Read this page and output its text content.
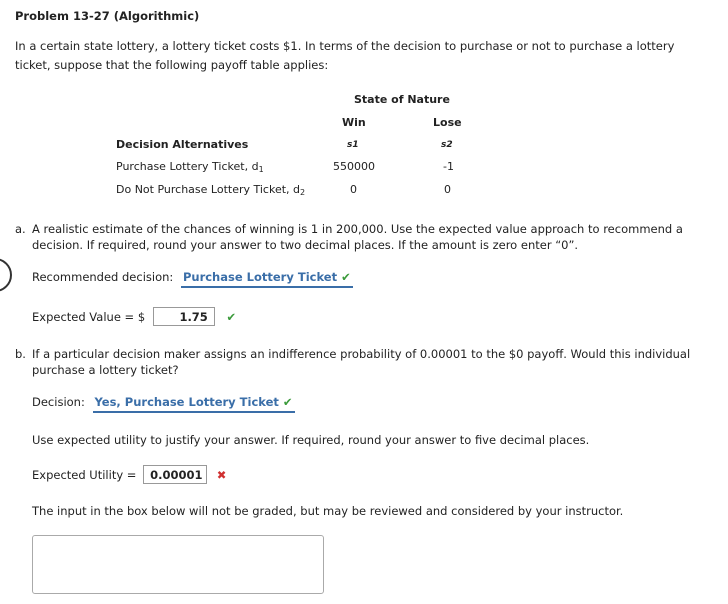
Problem 13-27 (Algorithmic)
In a certain state lottery, a lottery ticket costs $1. In terms of the decision to purchase or not to purchase a lottery ticket, suppose that the following payoff table applies:
State of Nature
Win	Lose
s1	s2
Decision Alternatives
Purchase Lottery Ticket, $d_1$	550000	-1
Do Not Purchase Lottery Ticket, $d_2$	0	0
a. A realistic estimate of the chances of winning is 1 in 200,000. Use the expected value approach to recommend a decision. If required, round your answer to two decimal places. If the amount is zero enter “0”.
Recommended decision: Purchase Lottery Ticket ✔
Expected Value = $	1.75 ✔
b. If a particular decision maker assigns an indifference probability of 0.00001 to the $0 payoff. Would this individual purchase a lottery ticket?
Decision: Yes, Purchase Lottery Ticket ✔
Use expected utility to justify your answer. If required, round your answer to five decimal places.
Expected Utility = 0.00001 ✖
The input in the box below will not be graded, but may be reviewed and considered by your instructor.
